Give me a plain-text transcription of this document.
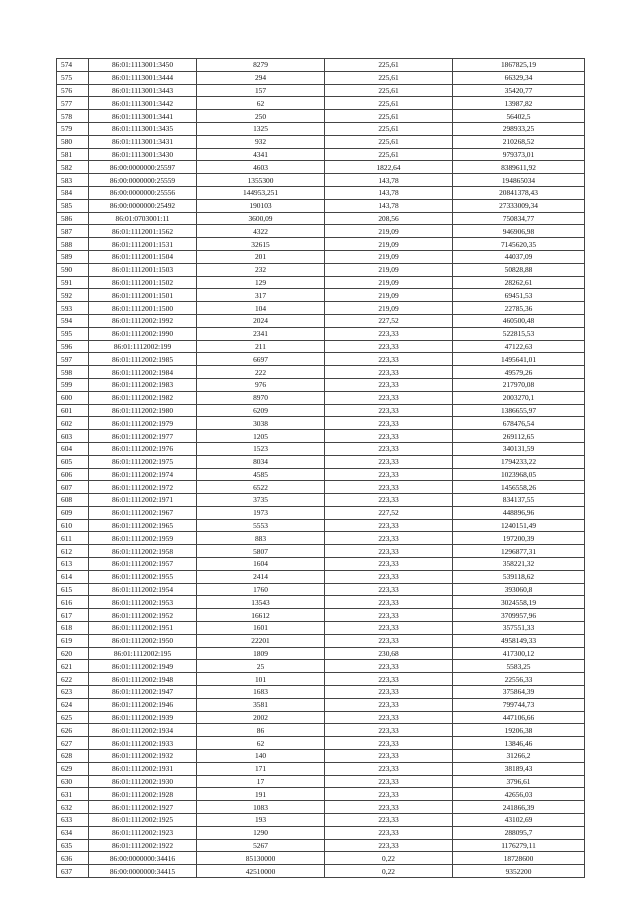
574	86:01:1113001:3450	8279	225,61	1867825,19
575	86:01:1113001:3444	294	225,61	66329,34
576	86:01:1113001:3443	157	225,61	35420,77
577	86:01:1113001:3442	62	225,61	13987,82
578	86:01:1113001:3441	250	225,61	56402,5
579	86:01:1113001:3435	1325	225,61	298933,25
580	86:01:1113001:3431	932	225,61	210268,52
581	86:01:1113001:3430	4341	225,61	979373,01
582	86:00:0000000:25597	4603	1822,64	8389611,92
583	86:00:0000000:25559	1355300	143,78	194865034
584	86:00:0000000:25556	144953,251	143,78	20841378,43
585	86:00:0000000:25492	190103	143,78	27333009,34
586	86:01:0703001:11	3600,09	208,56	750834,77
587	86:01:1112001:1562	4322	219,09	946906,98
588	86:01:1112001:1531	32615	219,09	7145620,35
589	86:01:1112001:1504	201	219,09	44037,09
590	86:01:1112001:1503	232	219,09	50828,88
591	86:01:1112001:1502	129	219,09	28262,61
592	86:01:1112001:1501	317	219,09	69451,53
593	86:01:1112001:1500	104	219,09	22785,36
594	86:01:1112002:1992	2024	227,52	460500,48
595	86:01:1112002:1990	2341	223,33	522815,53
596	86:01:1112002:199	211	223,33	47122,63
597	86:01:1112002:1985	6697	223,33	1495641,01
598	86:01:1112002:1984	222	223,33	49579,26
599	86:01:1112002:1983	976	223,33	217970,08
600	86:01:1112002:1982	8970	223,33	2003270,1
601	86:01:1112002:1980	6209	223,33	1386655,97
602	86:01:1112002:1979	3038	223,33	678476,54
603	86:01:1112002:1977	1205	223,33	269112,65
604	86:01:1112002:1976	1523	223,33	340131,59
605	86:01:1112002:1975	8034	223,33	1794233,22
606	86:01:1112002:1974	4585	223,33	1023968,05
607	86:01:1112002:1972	6522	223,33	1456558,26
608	86:01:1112002:1971	3735	223,33	834137,55
609	86:01:1112002:1967	1973	227,52	448896,96
610	86:01:1112002:1965	5553	223,33	1240151,49
611	86:01:1112002:1959	883	223,33	197200,39
612	86:01:1112002:1958	5807	223,33	1296877,31
613	86:01:1112002:1957	1604	223,33	358221,32
614	86:01:1112002:1955	2414	223,33	539118,62
615	86:01:1112002:1954	1760	223,33	393060,8
616	86:01:1112002:1953	13543	223,33	3024558,19
617	86:01:1112002:1952	16612	223,33	3709957,96
618	86:01:1112002:1951	1601	223,33	357551,33
619	86:01:1112002:1950	22201	223,33	4958149,33
620	86:01:1112002:195	1809	230,68	417300,12
621	86:01:1112002:1949	25	223,33	5583,25
622	86:01:1112002:1948	101	223,33	22556,33
623	86:01:1112002:1947	1683	223,33	375864,39
624	86:01:1112002:1946	3581	223,33	799744,73
625	86:01:1112002:1939	2002	223,33	447106,66
626	86:01:1112002:1934	86	223,33	19206,38
627	86:01:1112002:1933	62	223,33	13846,46
628	86:01:1112002:1932	140	223,33	31266,2
629	86:01:1112002:1931	171	223,33	38189,43
630	86:01:1112002:1930	17	223,33	3796,61
631	86:01:1112002:1928	191	223,33	42656,03
632	86:01:1112002:1927	1083	223,33	241866,39
633	86:01:1112002:1925	193	223,33	43102,69
634	86:01:1112002:1923	1290	223,33	288095,7
635	86:01:1112002:1922	5267	223,33	1176279,11
636	86:00:0000000:34416	85130000	0,22	18728600
637	86:00:0000000:34415	42510000	0,22	9352200
